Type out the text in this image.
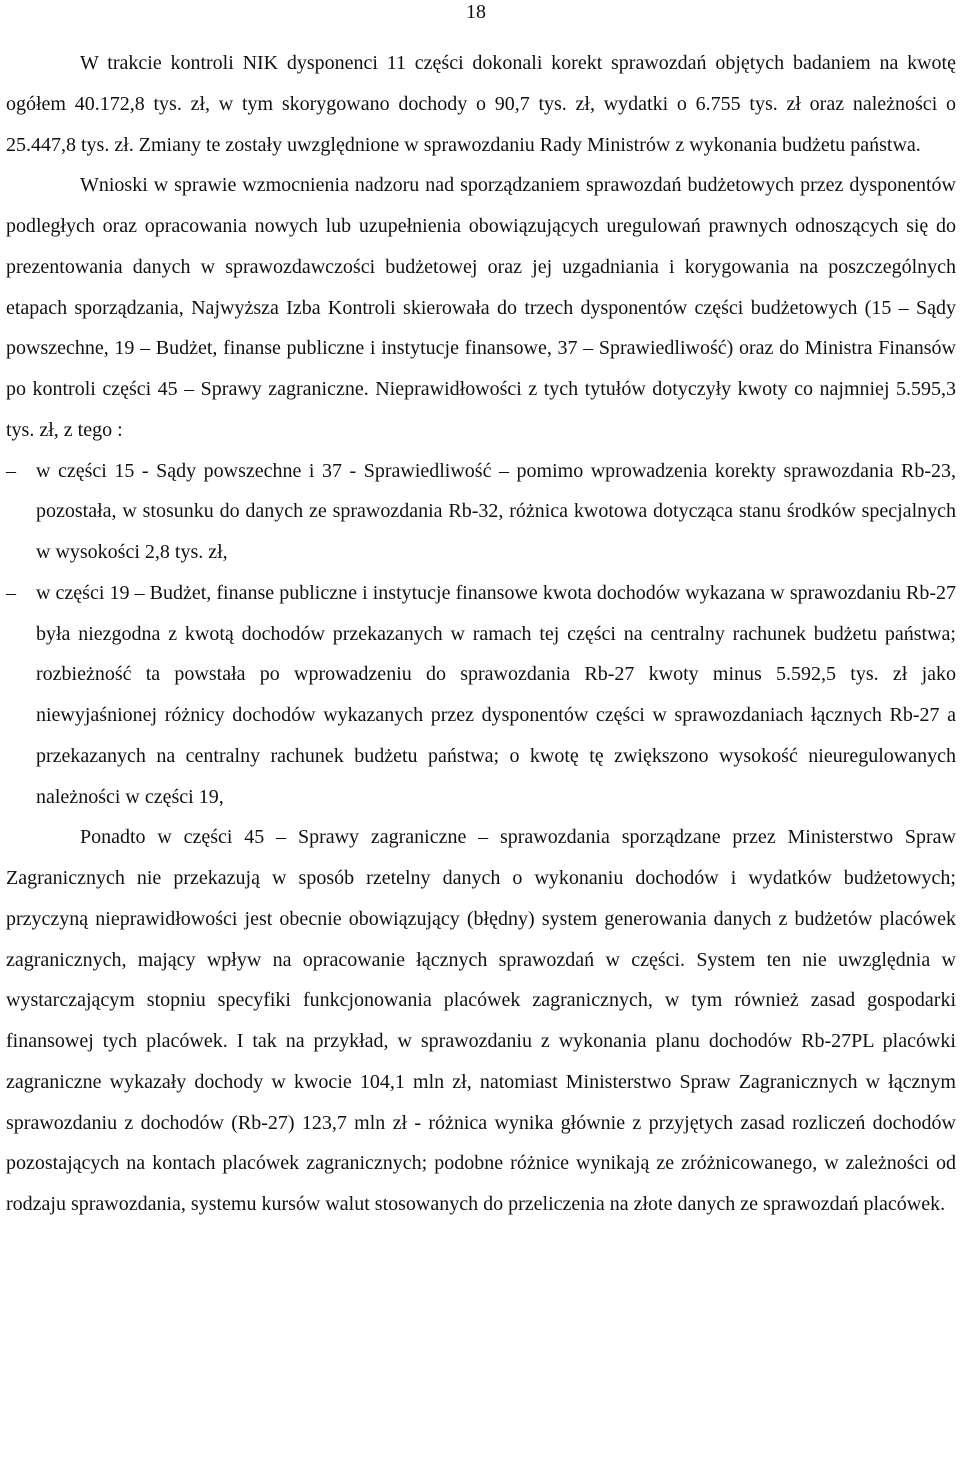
18

W trakcie kontroli NIK dysponenci 11 części dokonali korekt sprawozdań objętych badaniem na kwotę ogółem 40.172,8 tys. zł, w tym skorygowano dochody o 90,7 tys. zł, wydatki o 6.755 tys. zł oraz należności o 25.447,8 tys. zł. Zmiany te zostały uwzględnione w sprawozdaniu Rady Ministrów z wykonania budżetu państwa.

Wnioski w sprawie wzmocnienia nadzoru nad sporządzaniem sprawozdań budżetowych przez dysponentów podległych oraz opracowania nowych lub uzupełnienia obowiązujących uregulowań prawnych odnoszących się do prezentowania danych w sprawozdawczości budżetowej oraz jej uzgadniania i korygowania na poszczególnych etapach sporządzania, Najwyższa Izba Kontroli skierowała do trzech dysponentów części budżetowych (15 – Sądy powszechne, 19 – Budżet, finanse publiczne i instytucje finansowe, 37 – Sprawiedliwość) oraz do Ministra Finansów po kontroli części 45 – Sprawy zagraniczne. Nieprawidłowości z tych tytułów dotyczyły kwoty co najmniej 5.595,3 tys. zł, z tego :

– w części 15 - Sądy powszechne i 37 - Sprawiedliwość – pomimo wprowadzenia korekty sprawozdania Rb-23, pozostała, w stosunku do danych ze sprawozdania Rb-32, różnica kwotowa dotycząca stanu środków specjalnych w wysokości 2,8 tys. zł,
– w części 19 – Budżet, finanse publiczne i instytucje finansowe kwota dochodów wykazana w sprawozdaniu Rb-27 była niezgodna z kwotą dochodów przekazanych w ramach tej części na centralny rachunek budżetu państwa; rozbieżność ta powstała po wprowadzeniu do sprawozdania Rb-27 kwoty minus 5.592,5 tys. zł jako niewyjaśnionej różnicy dochodów wykazanych przez dysponentów części w sprawozdaniach łącznych Rb-27 a przekazanych na centralny rachunek budżetu państwa; o kwotę tę zwiększono wysokość nieuregulowanych należności w części 19,

Ponadto w części 45 – Sprawy zagraniczne – sprawozdania sporządzane przez Ministerstwo Spraw Zagranicznych nie przekazują w sposób rzetelny danych o wykonaniu dochodów i wydatków budżetowych; przyczyną nieprawidłowości jest obecnie obowiązujący (błędny) system generowania danych z budżetów placówek zagranicznych, mający wpływ na opracowanie łącznych sprawozdań w części. System ten nie uwzględnia w wystarczającym stopniu specyfiki funkcjonowania placówek zagranicznych, w tym również zasad gospodarki finansowej tych placówek. I tak na przykład, w sprawozdaniu z wykonania planu dochodów Rb-27PL placówki zagraniczne wykazały dochody w kwocie 104,1 mln zł, natomiast Ministerstwo Spraw Zagranicznych w łącznym sprawozdaniu z dochodów (Rb-27) 123,7 mln zł - różnica wynika głównie z przyjętych zasad rozliczeń dochodów pozostających na kontach placówek zagranicznych; podobne różnice wynikają ze zróżnicowanego, w zależności od rodzaju sprawozdania, systemu kursów walut stosowanych do przeliczenia na złote danych ze sprawozdań placówek.
